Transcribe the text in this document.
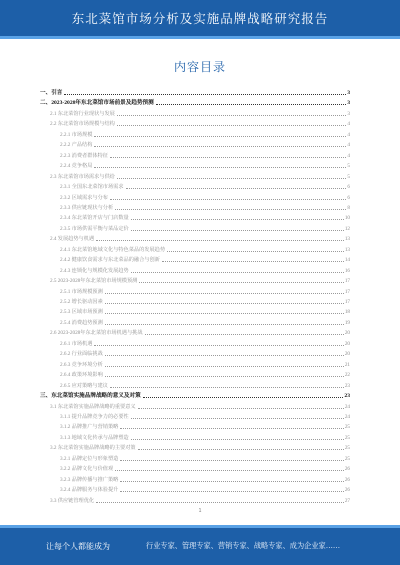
东北菜馆市场分析及实施品牌战略研究报告
内容目录
一、引言	3
二、2023-2028年东北菜馆市场前景及趋势预测	3
2.1 东北菜馆行业现状与发展	3
2.2 东北菜馆市场规模与结构	4
2.2.1 市场规模	4
2.2.2 产品结构	4
2.2.3 消费者群体特征	4
2.2.4 竞争格局	5
2.3 东北菜馆市场需求与供给	5
2.3.1 全国东北菜馆市场需求	6
2.3.2 区域需求与分布	6
2.3.3 供应链现状与分析	8
2.3.4 东北菜馆开店与门店数量	10
2.3.5 市场供需平衡与菜品定价	12
2.4 发展趋势与机遇	13
2.4.1 东北菜馆地域文化与特色菜品的发展趋势	13
2.4.2 健康饮食需求与东北菜品的融合与创新	14
2.4.3 连锁化与规模化发展趋势	16
2.5 2023-2028年东北菜馆市场规模预测	17
2.5.1 市场规模预测	17
2.5.2 增长驱动因素	17
2.5.3 区域市场预测	18
2.5.4 消费趋势预测	19
2.6 2023-2028年东北菜馆市场机遇与挑战	20
2.6.1 市场机遇	20
2.6.2 行业面临挑战	20
2.6.3 竞争环境分析	21
2.6.4 政策环境影响	22
2.6.5 应对策略与建议	23
三、东北菜馆实施品牌战略的意义及对策	23
3.1 东北菜馆实施品牌战略的重要意义	24
3.1.1 提升品牌竞争力的必要性	24
3.1.2 品牌推广与营销策略	25
3.1.3 地域文化传承与品牌塑造	25
3.2 东北菜馆实施品牌战略的主要对策	25
3.2.1 品牌定位与形象塑造	25
3.2.2 品牌文化与价值观	26
3.2.3 品牌传播与推广策略	26
3.2.4 品牌服务与体验提升	26
3.3 供应链管理优化	27
1
让每个人都能成为	行业专家、管理专家、营销专家、战略专家、成为企业家……
